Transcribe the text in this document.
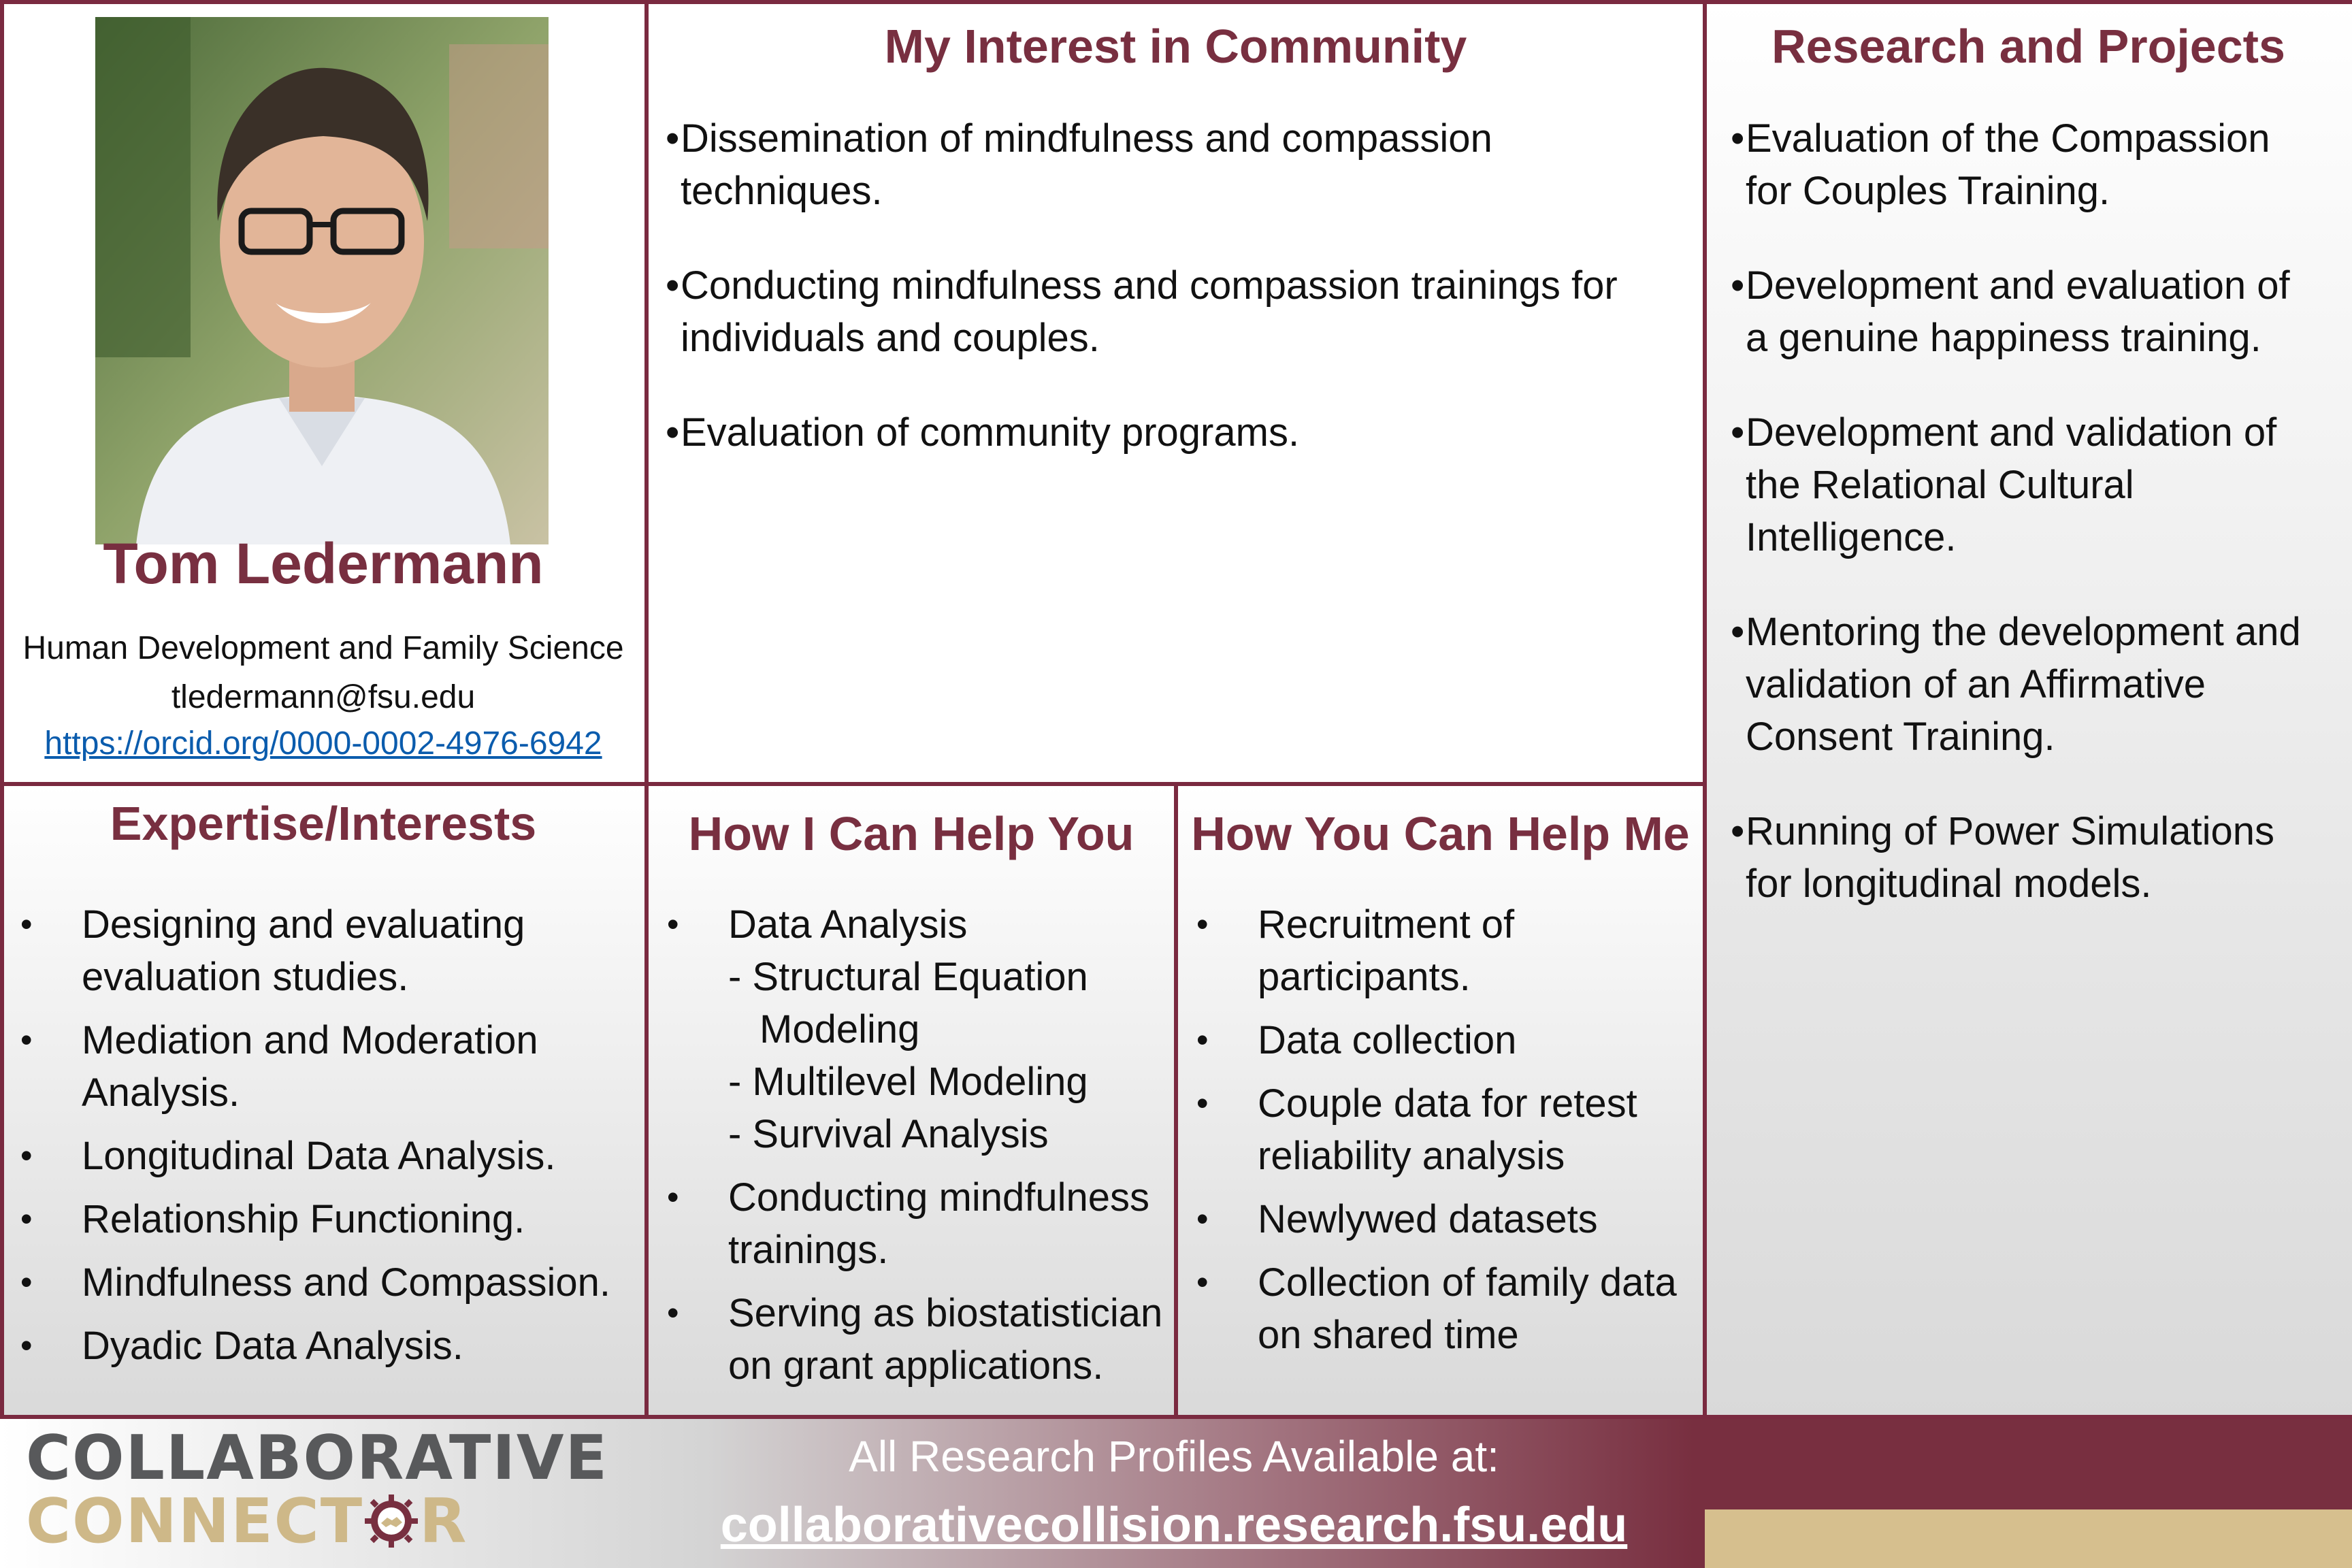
Tom Ledermann
Human Development and Family Science
tledermann@fsu.edu
https://orcid.org/0000-0002-4976-6942
My Interest in Community
• Dissemination of mindfulness and compassion
techniques.
• Conducting mindfulness and compassion trainings for
individuals and couples.
• Evaluation of community programs.
Research and Projects
• Evaluation of the Compassion
for Couples Training.
• Development and evaluation of
a genuine happiness training.
• Development and validation of
the Relational Cultural
Intelligence.
• Mentoring the development and
validation of an Affirmative
Consent Training.
• Running of Power Simulations
for longitudinal models.
Expertise/Interests
• Designing and evaluating
evaluation studies.
• Mediation and Moderation
Analysis.
• Longitudinal Data Analysis.
• Relationship Functioning.
• Mindfulness and Compassion.
• Dyadic Data Analysis.
How I Can Help You
• Data Analysis

- Structural Equation
Modeling
- Multilevel Modeling
- Survival Analysis
• Conducting mindfulness
trainings.
• Serving as biostatistician
on grant applications.
How You Can Help Me
• Recruitment of
participants.
• Data collection
• Couple data for retest
reliability analysis
• Newlywed datasets
• Collection of family data
on shared time
COLLABORATIVE
CONNECT R
All Research Profiles Available at:
collaborativecollision.research.fsu.edu
